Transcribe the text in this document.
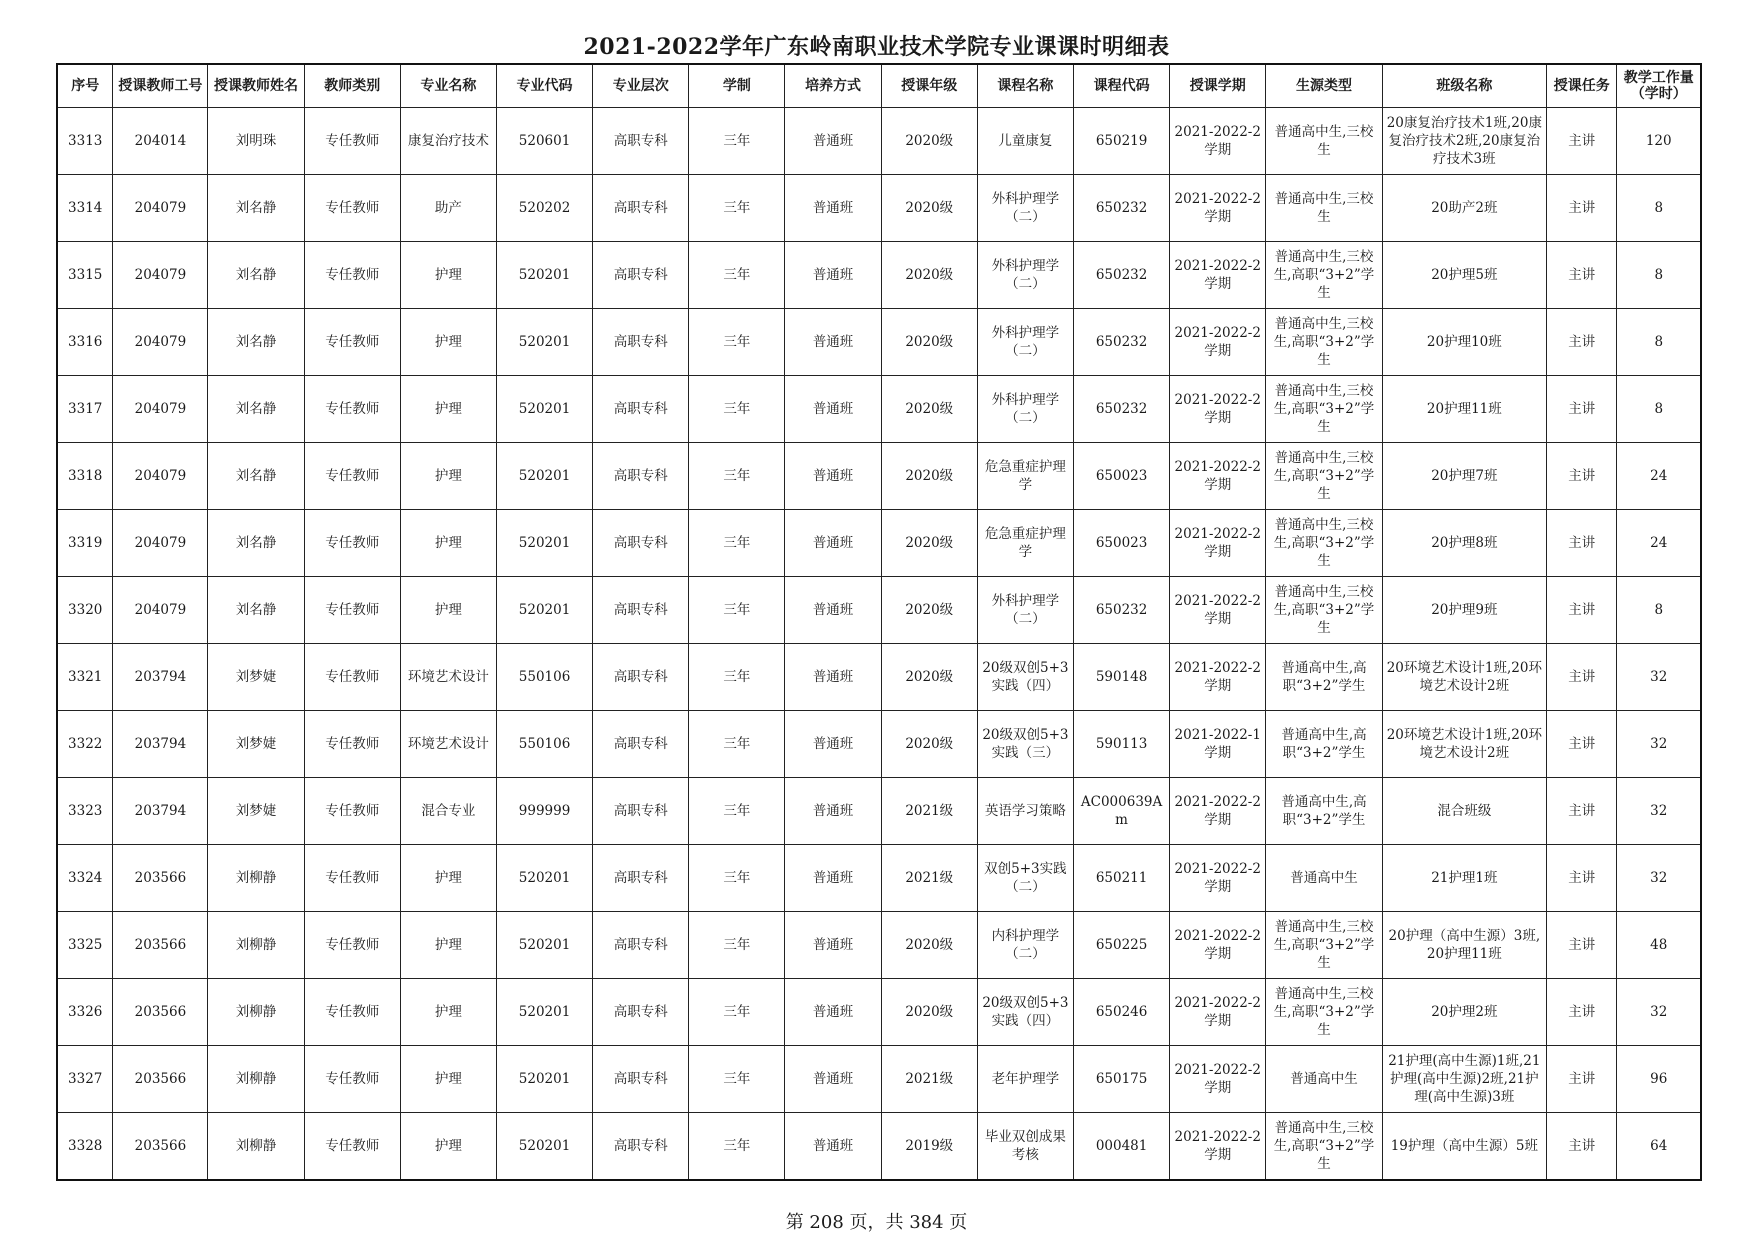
2021-2022学年广东岭南职业技术学院专业课课时明细表
序号	授课教师工号	授课教师姓名	教师类别	专业名称	专业代码	专业层次	学制	培养方式	授课年级	课程名称	课程代码	授课学期	生源类型	班级名称	授课任务	教学工作量（学时）

3313	204014	刘明珠	专任教师	康复治疗技术	520601	高职专科	三年	普通班	2020级	儿童康复	650219	2021-2022-2学期	普通高中生,三校生	20康复治疗技术1班,20康复治疗技术2班,20康复治疗技术3班	主讲	120

3314	204079	刘名静	专任教师	助产	520202	高职专科	三年	普通班	2020级	外科护理学（二）	650232	2021-2022-2学期	普通高中生,三校生	20助产2班	主讲	8

3315	204079	刘名静	专任教师	护理	520201	高职专科	三年	普通班	2020级	外科护理学（二）	650232	2021-2022-2学期	普通高中生,三校生,高职“3+2”学生	20护理5班	主讲	8

3316	204079	刘名静	专任教师	护理	520201	高职专科	三年	普通班	2020级	外科护理学（二）	650232	2021-2022-2学期	普通高中生,三校生,高职“3+2”学生	20护理10班	主讲	8

3317	204079	刘名静	专任教师	护理	520201	高职专科	三年	普通班	2020级	外科护理学（二）	650232	2021-2022-2学期	普通高中生,三校生,高职“3+2”学生	20护理11班	主讲	8

3318	204079	刘名静	专任教师	护理	520201	高职专科	三年	普通班	2020级	危急重症护理学	650023	2021-2022-2学期	普通高中生,三校生,高职“3+2”学生	20护理7班	主讲	24

3319	204079	刘名静	专任教师	护理	520201	高职专科	三年	普通班	2020级	危急重症护理学	650023	2021-2022-2学期	普通高中生,三校生,高职“3+2”学生	20护理8班	主讲	24

3320	204079	刘名静	专任教师	护理	520201	高职专科	三年	普通班	2020级	外科护理学（二）	650232	2021-2022-2学期	普通高中生,三校生,高职“3+2”学生	20护理9班	主讲	8

3321	203794	刘梦婕	专任教师	环境艺术设计	550106	高职专科	三年	普通班	2020级	20级双创5+3实践（四）	590148	2021-2022-2学期	普通高中生,高职“3+2”学生	20环境艺术设计1班,20环境艺术设计2班	主讲	32

3322	203794	刘梦婕	专任教师	环境艺术设计	550106	高职专科	三年	普通班	2020级	20级双创5+3实践（三）	590113	2021-2022-1学期	普通高中生,高职“3+2”学生	20环境艺术设计1班,20环境艺术设计2班	主讲	32

3323	203794	刘梦婕	专任教师	混合专业	999999	高职专科	三年	普通班	2021级	英语学习策略	AC000639Am	2021-2022-2学期	普通高中生,高职“3+2”学生	混合班级	主讲	32

3324	203566	刘柳静	专任教师	护理	520201	高职专科	三年	普通班	2021级	双创5+3实践（二）	650211	2021-2022-2学期	普通高中生	21护理1班	主讲	32

3325	203566	刘柳静	专任教师	护理	520201	高职专科	三年	普通班	2020级	内科护理学（二）	650225	2021-2022-2学期	普通高中生,三校生,高职“3+2”学生	20护理（高中生源）3班,20护理11班	主讲	48

3326	203566	刘柳静	专任教师	护理	520201	高职专科	三年	普通班	2020级	20级双创5+3实践（四）	650246	2021-2022-2学期	普通高中生,三校生,高职“3+2”学生	20护理2班	主讲	32

3327	203566	刘柳静	专任教师	护理	520201	高职专科	三年	普通班	2021级	老年护理学	650175	2021-2022-2学期	普通高中生	21护理(高中生源)1班,21护理(高中生源)2班,21护理(高中生源)3班	主讲	96

3328	203566	刘柳静	专任教师	护理	520201	高职专科	三年	普通班	2019级	毕业双创成果考核	000481	2021-2022-2学期	普通高中生,三校生,高职“3+2”学生	19护理（高中生源）5班	主讲	64
第 208 页，共 384 页
